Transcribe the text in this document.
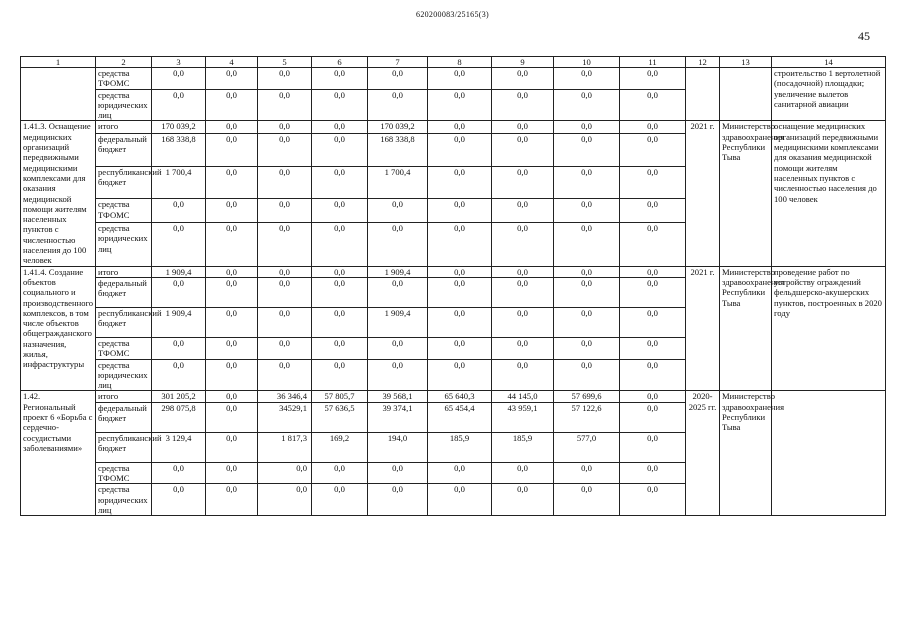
620200083/25165(3)
45
1	2	3	4	5	6	7	8	9	10	11	12	13	14
	средства ТФОМС	0,0	0,0	0,0	0,0	0,0	0,0	0,0	0,0	0,0			строительство 1 вертолетной (посадочной) площадки; увеличение вылетов санитарной авиации
	средства юридических лиц	0,0	0,0	0,0	0,0	0,0	0,0	0,0	0,0	0,0			
1.41.3. Оснащение медицинских организаций передвижными медицинскими комплексами для оказания медицинской помощи жителям населенных пунктов с численностью населения до 100 человек	итого	170 039,2	0,0	0,0	0,0	170 039,2	0,0	0,0	0,0	0,0	2021 г.	Министерство здравоохранения Республики Тыва	оснащение медицинских организаций передвижными медицинскими комплексами для оказания медицинской помощи жителям населенных пунктов с численностью населения до 100 человек
	федеральный бюджет	168 338,8	0,0	0,0	0,0	168 338,8	0,0	0,0	0,0	0,0			
	республиканский бюджет	1 700,4	0,0	0,0	0,0	1 700,4	0,0	0,0	0,0	0,0			
	средства ТФОМС	0,0	0,0	0,0	0,0	0,0	0,0	0,0	0,0	0,0			
	средства юридических лиц	0,0	0,0	0,0	0,0	0,0	0,0	0,0	0,0	0,0			
1.41.4. Создание объектов социального и производственного комплексов, в том числе объектов общегражданского назначения, жилья, инфраструктуры	итого	1 909,4	0,0	0,0	0,0	1 909,4	0,0	0,0	0,0	0,0	2021 г.	Министерство здравоохранения Республики Тыва	проведение работ по устройству ограждений фельдшерско-акушерских пунктов, построенных в 2020 году
	федеральный бюджет	0,0	0,0	0,0	0,0	0,0	0,0	0,0	0,0	0,0			
	республиканский бюджет	1 909,4	0,0	0,0	0,0	1 909,4	0,0	0,0	0,0	0,0			
	средства ТФОМС	0,0	0,0	0,0	0,0	0,0	0,0	0,0	0,0	0,0			
	средства юридических лиц	0,0	0,0	0,0	0,0	0,0	0,0	0,0	0,0	0,0			
1.42. Региональный проект 6 «Борьба с сердечно-сосудистыми заболеваниями»	итого	301 205,2	0,0	36 346,4	57 805,7	39 568,1	65 640,3	44 145,0	57 699,6	0,0	2020-2025 гг.	Министерство здравоохранения Республики Тыва	
	федеральный бюджет	298 075,8	0,0	34529,1	57 636,5	39 374,1	65 454,4	43 959,1	57 122,6	0,0			
	республиканский бюджет	3 129,4	0,0	1 817,3	169,2	194,0	185,9	185,9	577,0	0,0			
	средства ТФОМС	0,0	0,0	0,0	0,0	0,0	0,0	0,0	0,0	0,0			
	средства юридических лиц	0,0	0,0	0,0	0,0	0,0	0,0	0,0	0,0	0,0			
